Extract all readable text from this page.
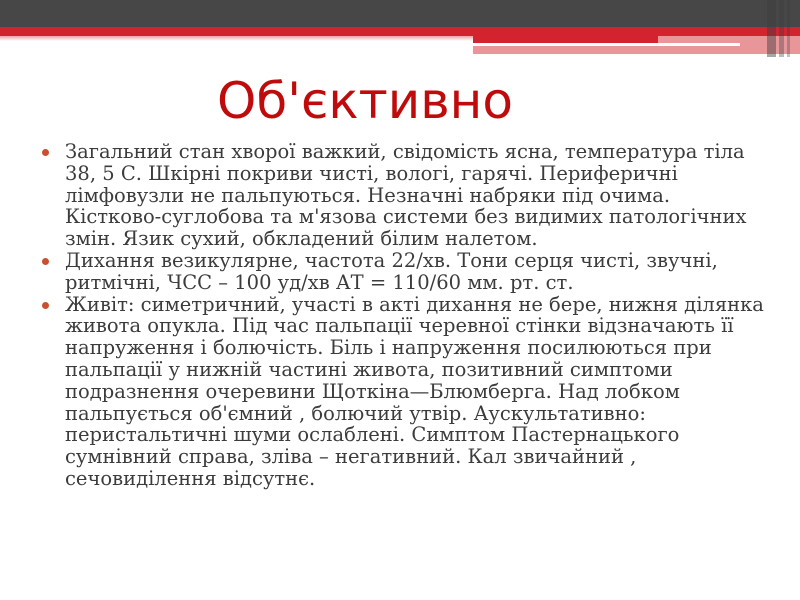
Об'єктивно
Загальний стан хворої важкий, свідомість ясна, температура тіла 38, 5 С. Шкірні покриви чисті, вологі, гарячі. Периферичні лімфовузли не пальпуються. Незначні набряки під очима. Кістково-суглобова та м'язова системи без видимих патологічних змін. Язик сухий, обкладений білим налетом.
Дихання везикулярне, частота 22/хв. Тони серця чисті, звучні, ритмічні, ЧСС – 100 уд/хв АТ = 110/60 мм. рт. ст.
Живіт: симетричний, участі в акті дихання не бере, нижня ділянка живота опукла. Під час пальпації черевної стінки відзначають її напруження і болючість. Біль і напруження посилюються при пальпації у нижній частині живота, позитивний симптоми подразнення очеревини Щоткіна—Блюмберга. Над лобком пальпується об'ємний , болючий утвір. Аускультативно: перистальтичні шуми ослаблені. Симптом Пастернацького сумнівний справа, зліва – негативний. Кал звичайний , сечовиділення відсутнє.
